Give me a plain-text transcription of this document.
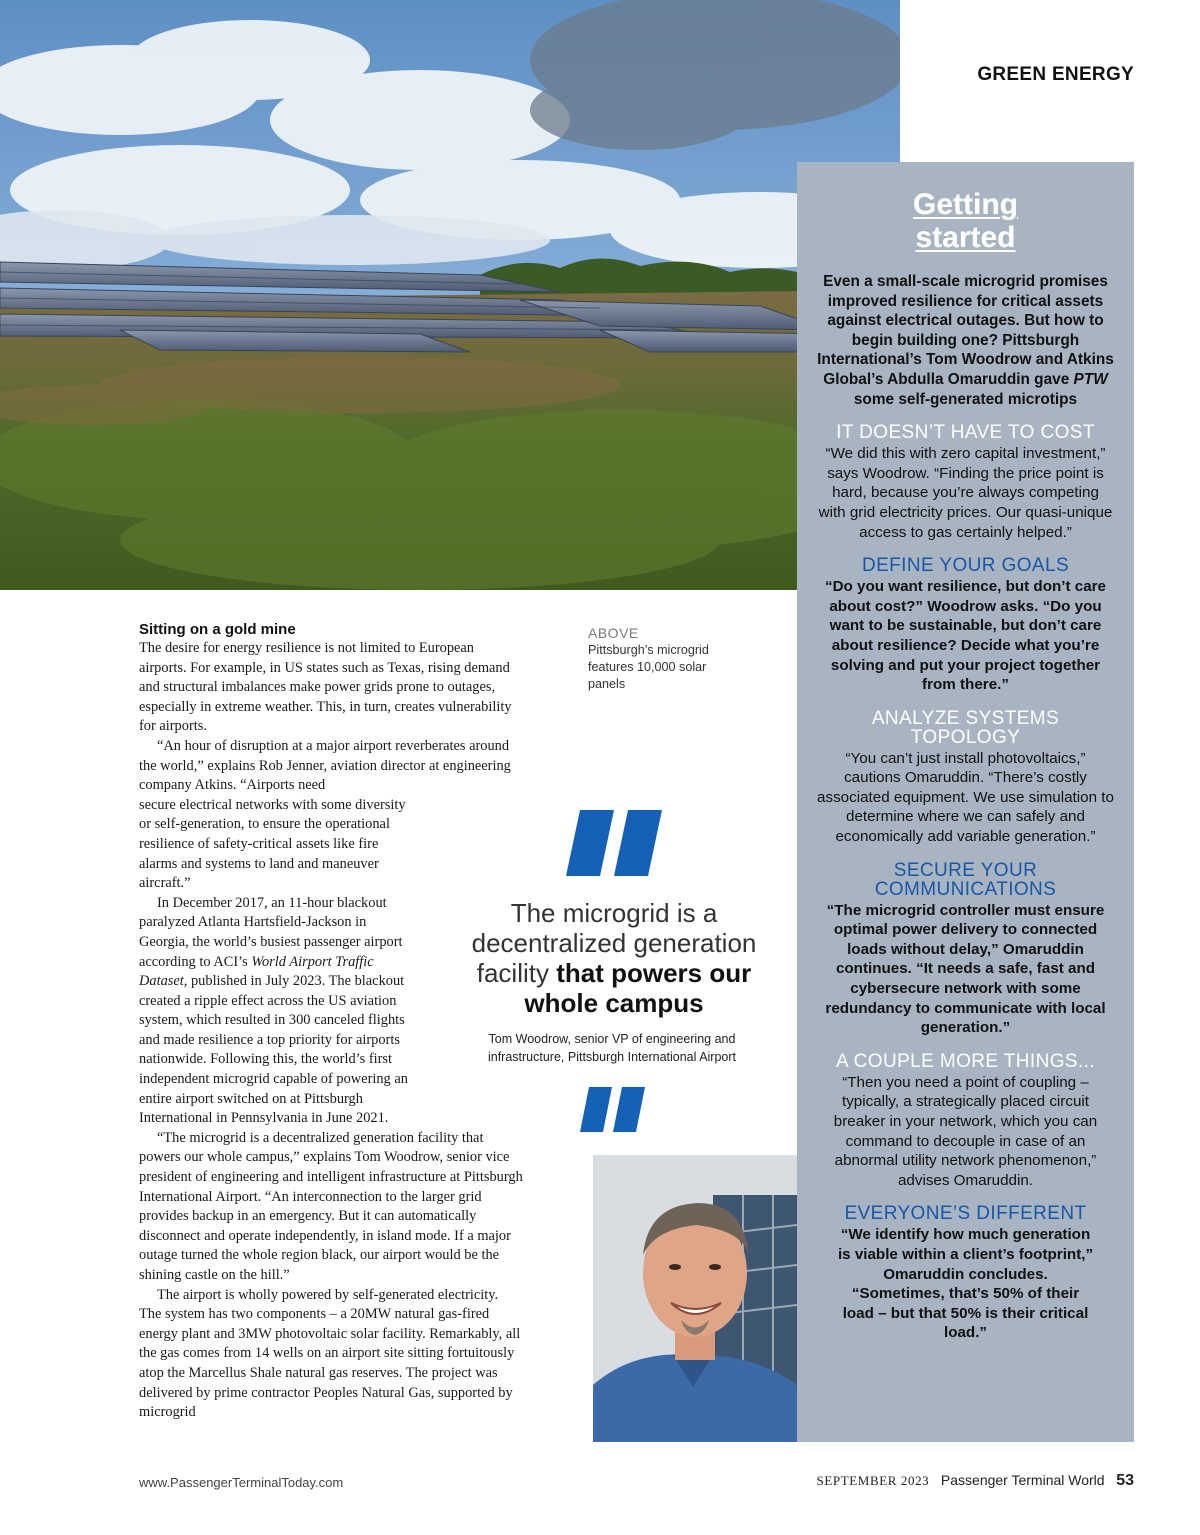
GREEN ENERGY
Getting
started
Even a small-scale microgrid promises improved resilience for critical assets against electrical outages. But how to begin building one? Pittsburgh International’s Tom Woodrow and Atkins Global’s Abdulla Omaruddin gave PTW some self-generated microtips
IT DOESN’T HAVE TO COST
“We did this with zero capital investment,” says Woodrow. “Finding the price point is hard, because you’re always competing with grid electricity prices. Our quasi-unique access to gas certainly helped.”
DEFINE YOUR GOALS
“Do you want resilience, but don’t care about cost?” Woodrow asks. “Do you want to be sustainable, but don’t care about resilience? Decide what you’re solving and put your project together from there.”
ANALYZE SYSTEMS TOPOLOGY
“You can’t just install photovoltaics,” cautions Omaruddin. “There’s costly associated equipment. We use simulation to determine where we can safely and economically add variable generation.”
SECURE YOUR COMMUNICATIONS
“The microgrid controller must ensure optimal power delivery to connected loads without delay,” Omaruddin continues. “It needs a safe, fast and cybersecure network with some redundancy to communicate with local generation.”
A COUPLE MORE THINGS...
“Then you need a point of coupling – typically, a strategically placed circuit breaker in your network, which you can command to decouple in case of an abnormal utility network phenomenon,” advises Omaruddin.
EVERYONE’S DIFFERENT
“We identify how much generation is viable within a client’s footprint,” Omaruddin concludes. “Sometimes, that’s 50% of their load – but that 50% is their critical load.”
Sitting on a gold mine

The desire for energy resilience is not limited to European airports. For example, in US states such as Texas, rising demand and structural imbalances make power grids prone to outages, especially in extreme weather. This, in turn, creates vulnerability for airports.

“An hour of disruption at a major airport reverberates around the world,” explains Rob Jenner, aviation director at engineering company Atkins. “Airports need

secure electrical networks with some diversity or self-generation, to ensure the operational resilience of safety-critical assets like fire alarms and systems to land and maneuver aircraft.”

In December 2017, an 11-hour blackout paralyzed Atlanta Hartsfield-Jackson in Georgia, the world’s busiest passenger airport according to ACI’s World Airport Traffic Dataset, published in July 2023. The blackout created a ripple effect across the US aviation system, which resulted in 300 canceled flights and made resilience a top priority for airports nationwide. Following this, the world’s first independent microgrid capable of powering an entire airport switched on at Pittsburgh International in Pennsylvania in June 2021.

“The microgrid is a decentralized generation facility that powers our whole campus,” explains Tom Woodrow, senior vice president of engineering and intelligent infrastructure at Pittsburgh International Airport. “An interconnection to the larger grid provides backup in an emergency. But it can automatically disconnect and operate independently, in island mode. If a major outage turned the whole region black, our airport would be the shining castle on the hill.”

The airport is wholly powered by self-generated electricity. The system has two components – a 20MW natural gas-fired energy plant and 3MW photovoltaic solar facility. Remarkably, all the gas comes from 14 wells on an airport site sitting fortuitously atop the Marcellus Shale natural gas reserves. The project was delivered by prime contractor Peoples Natural Gas, supported by microgrid

ABOVE
Pittsburgh’s microgrid features 10,000 solar panels
The microgrid is a decentralized generation facility that powers our whole campus
Tom Woodrow, senior VP of engineering and infrastructure, Pittsburgh International Airport
www.PassengerTerminalToday.com	SEPTEMBER 2023 Passenger Terminal World 53
